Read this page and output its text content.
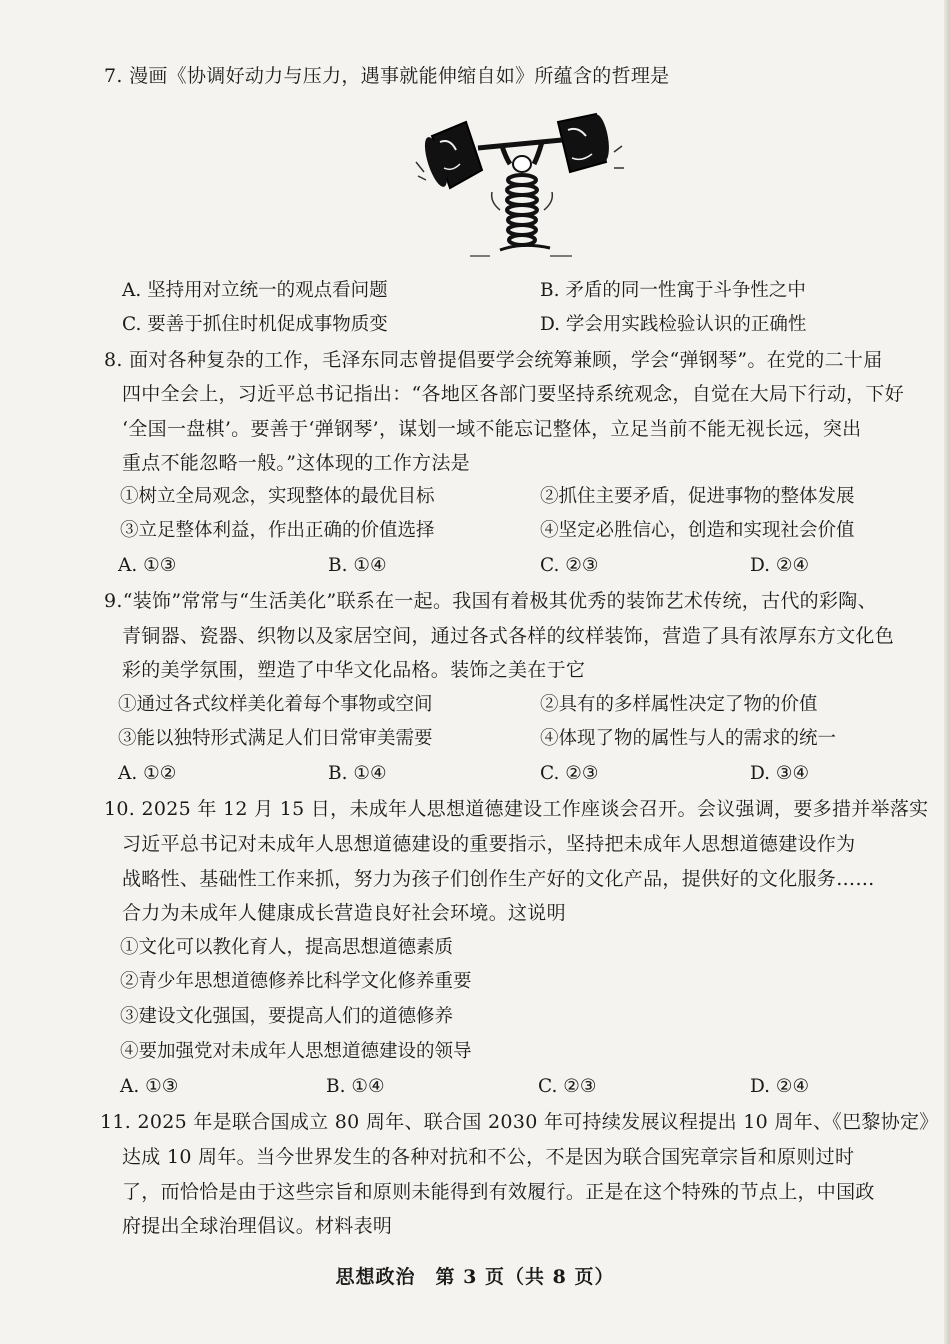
7. 漫画《协调好动力与压力，遇事就能伸缩自如》所蕴含的哲理是
A. 坚持用对立统一的观点看问题	B. 矛盾的同一性寓于斗争性之中
C. 要善于抓住时机促成事物质变	D. 学会用实践检验认识的正确性
8. 面对各种复杂的工作，毛泽东同志曾提倡要学会统筹兼顾，学会“弹钢琴”。在党的二十届
四中全会上，习近平总书记指出：“各地区各部门要坚持系统观念，自觉在大局下行动，下好
‘全国一盘棋’。要善于‘弹钢琴’，谋划一域不能忘记整体，立足当前不能无视长远，突出
重点不能忽略一般。”这体现的工作方法是
①树立全局观念，实现整体的最优目标	②抓住主要矛盾，促进事物的整体发展
③立足整体利益，作出正确的价值选择	④坚定必胜信心，创造和实现社会价值
A. ①③	B. ①④	C. ②③	D. ②④
9.“装饰”常常与“生活美化”联系在一起。我国有着极其优秀的装饰艺术传统，古代的彩陶、
青铜器、瓷器、织物以及家居空间，通过各式各样的纹样装饰，营造了具有浓厚东方文化色
彩的美学氛围，塑造了中华文化品格。装饰之美在于它
①通过各式纹样美化着每个事物或空间	②具有的多样属性决定了物的价值
③能以独特形式满足人们日常审美需要	④体现了物的属性与人的需求的统一
A. ①②	B. ①④	C. ②③	D. ③④
10. 2025 年 12 月 15 日，未成年人思想道德建设工作座谈会召开。会议强调，要多措并举落实
习近平总书记对未成年人思想道德建设的重要指示，坚持把未成年人思想道德建设作为
战略性、基础性工作来抓，努力为孩子们创作生产好的文化产品，提供好的文化服务……
合力为未成年人健康成长营造良好社会环境。这说明
①文化可以教化育人，提高思想道德素质
②青少年思想道德修养比科学文化修养重要
③建设文化强国，要提高人们的道德修养
④要加强党对未成年人思想道德建设的领导
A. ①③	B. ①④	C. ②③	D. ②④
11. 2025 年是联合国成立 80 周年、联合国 2030 年可持续发展议程提出 10 周年、《巴黎协定》
达成 10 周年。当今世界发生的各种对抗和不公，不是因为联合国宪章宗旨和原则过时
了，而恰恰是由于这些宗旨和原则未能得到有效履行。正是在这个特殊的节点上，中国政
府提出全球治理倡议。材料表明
思想政治　第 3 页（共 8 页）
